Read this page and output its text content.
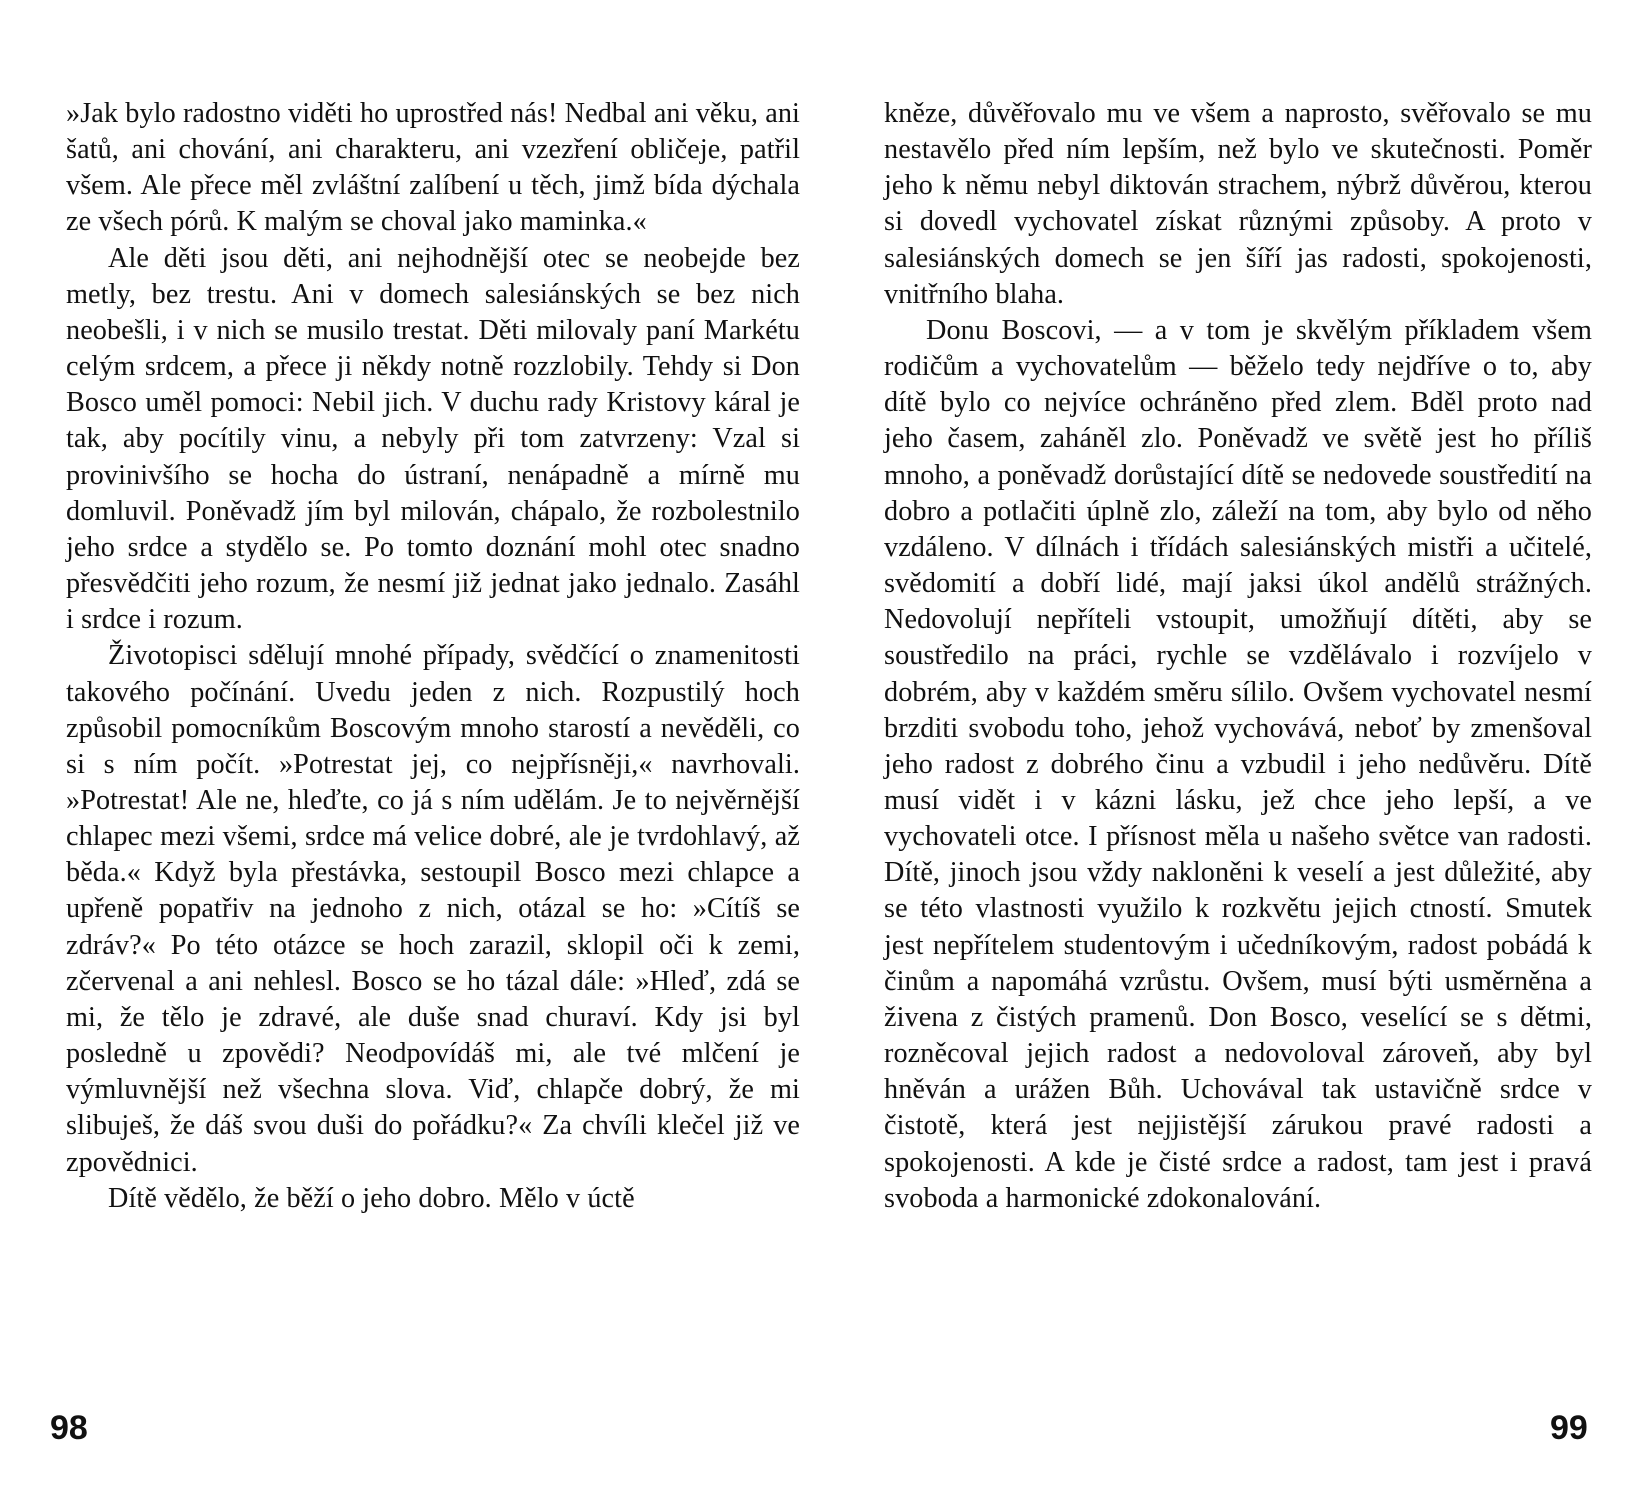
»Jak bylo radostno viděti ho uprostřed nás! Nedbal ani věku, ani šatů, ani chování, ani charakteru, ani vzezření obličeje, patřil všem. Ale přece měl zvláštní zalíbení u těch, jimž bída dýchala ze všech pórů. K malým se choval jako maminka.«

Ale děti jsou děti, ani nejhodnější otec se neobejde bez metly, bez trestu. Ani v domech salesiánských se bez nich neobešli, i v nich se musilo trestat. Děti milovaly paní Markétu celým srdcem, a přece ji někdy notně rozzlobily. Tehdy si Don Bosco uměl pomoci: Nebil jich. V duchu rady Kristovy káral je tak, aby pocítily vinu, a nebyly při tom zatvrzeny: Vzal si provinivšího se hocha do ústraní, nenápadně a mírně mu domluvil. Poněvadž jím byl milován, chápalo, že rozbolestnilo jeho srdce a stydělo se. Po tomto doznání mohl otec snadno přesvědčiti jeho rozum, že nesmí již jednat jako jednalo. Zasáhl i srdce i rozum.

Životopisci sdělují mnohé případy, svědčící o znamenitosti takového počínání. Uvedu jeden z nich. Rozpustilý hoch způsobil pomocníkům Boscovým mnoho starostí a nevěděli, co si s ním počít. »Potrestat jej, co nejpřísněji,« navrhovali. »Potrestat! Ale ne, hleďte, co já s ním udělám. Je to nejvěrnější chlapec mezi všemi, srdce má velice dobré, ale je tvrdohlavý, až běda.« Když byla přestávka, sestoupil Bosco mezi chlapce a upřeně popatřiv na jednoho z nich, otázal se ho: »Cítíš se zdráv?« Po této otázce se hoch zarazil, sklopil oči k zemi, zčervenal a ani nehlesl. Bosco se ho tázal dále: »Hleď, zdá se mi, že tělo je zdravé, ale duše snad churaví. Kdy jsi byl posledně u zpovědi? Neodpovídáš mi, ale tvé mlčení je výmluvnější než všechna slova. Viď, chlapče dobrý, že mi slibuješ, že dáš svou duši do pořádku?« Za chvíli klečel již ve zpovědnici.

Dítě vědělo, že běží o jeho dobro. Mělo v úctě

kněze, důvěřovalo mu ve všem a naprosto, svěřovalo se mu nestavělo před ním lepším, než bylo ve skutečnosti. Poměr jeho k němu nebyl diktován strachem, nýbrž důvěrou, kterou si dovedl vychovatel získat různými způsoby. A proto v salesiánských domech se jen šíří jas radosti, spokojenosti, vnitřního blaha.

Donu Boscovi, — a v tom je skvělým příkladem všem rodičům a vychovatelům — běželo tedy nejdříve o to, aby dítě bylo co nejvíce ochráněno před zlem. Bděl proto nad jeho časem, zaháněl zlo. Poněvadž ve světě jest ho příliš mnoho, a poněvadž dorůstající dítě se nedovede soustředití na dobro a potlačiti úplně zlo, záleží na tom, aby bylo od něho vzdáleno. V dílnách i třídách salesiánských mistři a učitelé, svědomití a dobří lidé, mají jaksi úkol andělů strážných. Nedovolují nepříteli vstoupit, umožňují dítěti, aby se soustředilo na práci, rychle se vzdělávalo i rozvíjelo v dobrém, aby v každém směru sílilo. Ovšem vychovatel nesmí brzditi svobodu toho, jehož vychovává, neboť by zmenšoval jeho radost z dobrého činu a vzbudil i jeho nedůvěru. Dítě musí vidět i v kázni lásku, jež chce jeho lepší, a ve vychovateli otce. I přísnost měla u našeho světce van radosti. Dítě, jinoch jsou vždy nakloněni k veselí a jest důležité, aby se této vlastnosti využilo k rozkvětu jejich ctností. Smutek jest nepřítelem studentovým i učedníkovým, radost pobádá k činům a napomáhá vzrůstu. Ovšem, musí býti usměrněna a živena z čistých pramenů. Don Bosco, veselící se s dětmi, rozněcoval jejich radost a nedovoloval zároveň, aby byl hněván a urážen Bůh. Uchovával tak ustavičně srdce v čistotě, která jest nejjistější zárukou pravé radosti a spokojenosti. A kde je čisté srdce a radost, tam jest i pravá svoboda a harmonické zdokonalování.

98	99
